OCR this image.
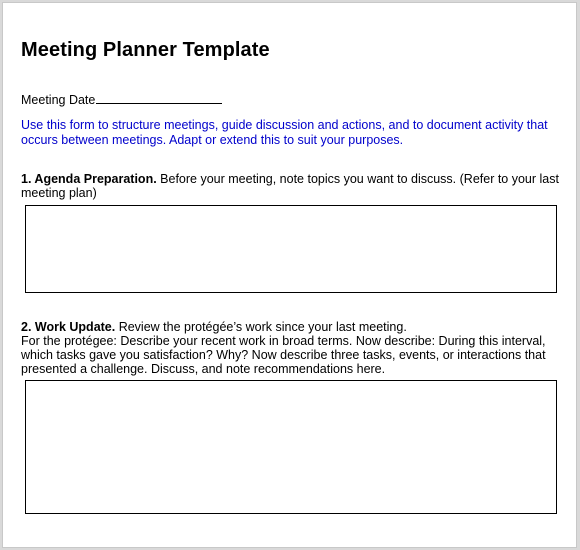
Meeting Planner Template
Meeting Date

Use this form to structure meetings, guide discussion and actions, and to document activity that occurs between meetings. Adapt or extend this to suit your purposes.

1. Agenda Preparation. Before your meeting, note topics you want to discuss. (Refer to your last meeting plan)

2. Work Update. Review the protégée’s work since your last meeting.
For the protégee: Describe your recent work in broad terms. Now describe: During this interval, which tasks gave you satisfaction? Why? Now describe three tasks, events, or interactions that presented a challenge. Discuss, and note recommendations here.
